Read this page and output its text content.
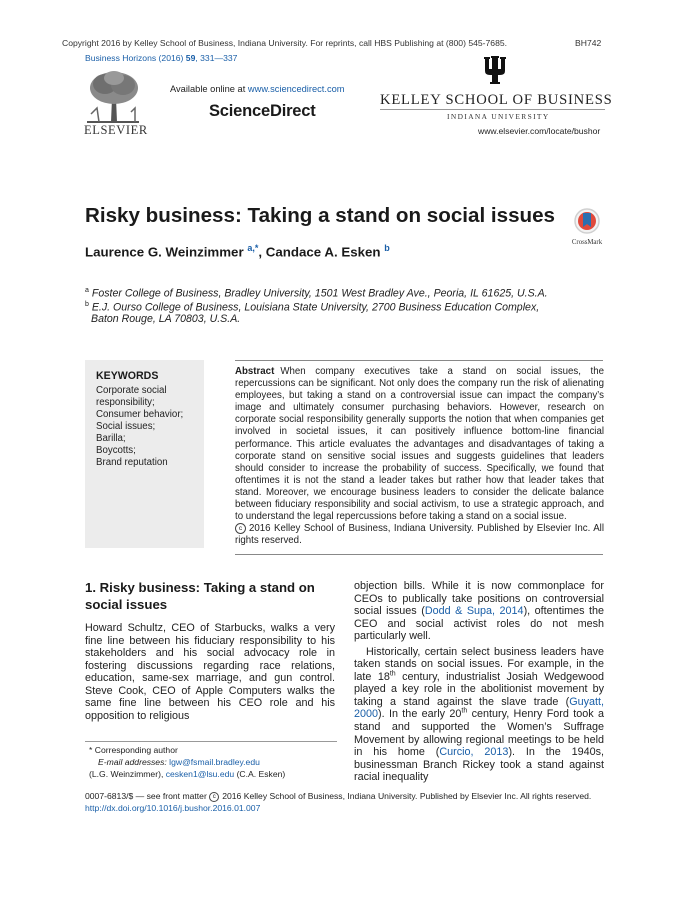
Copyright 2016 by Kelley School of Business, Indiana University. For reprints, call HBS Publishing at (800) 545-7685.	BH742
Business Horizons (2016) 59, 331—337
ELSEVIER
Available online at www.sciencedirect.com
ScienceDirect
KELLEY SCHOOL OF BUSINESS
INDIANA UNIVERSITY
www.elsevier.com/locate/bushor
Risky business: Taking a stand on social issues
CrossMark
Laurence G. Weinzimmer $^{a,*}$, Candace A. Esken $^b$
$^a$ Foster College of Business, Bradley University, 1501 West Bradley Ave., Peoria, IL 61625, U.S.A.
$^b$ E.J. Ourso College of Business, Louisiana State University, 2700 Business Education Complex,
Baton Rouge, LA 70803, U.S.A.
KEYWORDS
Corporate social
responsibility;
Consumer behavior;
Social issues;
Barilla;
Boycotts;
Brand reputation
Abstract When company executives take a stand on social issues, the repercussions can be significant. Not only does the company run the risk of alienating employees, but taking a stand on a controversial issue can impact the company’s image and ultimately consumer purchasing behaviors. However, research on corporate social responsibility generally supports the notion that when companies get involved in societal issues, it can positively influence bottom-line financial performance. This article evaluates the advantages and disadvantages of taking a corporate stand on sensitive social issues and suggests guidelines that leaders should consider to increase the probability of success. Specifically, we found that oftentimes it is not the stand a leader takes but rather how that leader takes that stand. Moreover, we encourage business leaders to consider the delicate balance between fiduciary responsibility and social activism, to use a strategic approach, and to understand the legal repercussions before taking a stand on a social issue.
c 2016 Kelley School of Business, Indiana University. Published by Elsevier Inc. All rights reserved.
1. Risky business: Taking a stand on social issues

Howard Schultz, CEO of Starbucks, walks a very fine line between his fiduciary responsibility to his stakeholders and his social advocacy role in fostering discussions regarding race relations, education, same-sex marriage, and gun control. Steve Cook, CEO of Apple Computers walks the same fine line between his CEO role and his opposition to religious

objection bills. While it is now commonplace for CEOs to publically take positions on controversial social issues (Dodd & Supa, 2014), oftentimes the CEO and social activist roles do not mesh particularly well.

Historically, certain select business leaders have taken stands on social issues. For example, in the late 18th century, industrialist Josiah Wedgewood played a key role in the abolitionist movement by taking a stand against the slave trade (Guyatt, 2000). In the early 20th century, Henry Ford took a stand and supported the Women’s Suffrage Movement by allowing regional meetings to be held in his home (Curcio, 2013). In the 1940s, businessman Branch Rickey took a stand against racial inequality

* Corresponding author
E-mail addresses: lgw@fsmail.bradley.edu
(L.G. Weinzimmer), cesken1@lsu.edu (C.A. Esken)
0007-6813/$ — see front matter c 2016 Kelley School of Business, Indiana University. Published by Elsevier Inc. All rights reserved.
http://dx.doi.org/10.1016/j.bushor.2016.01.007
